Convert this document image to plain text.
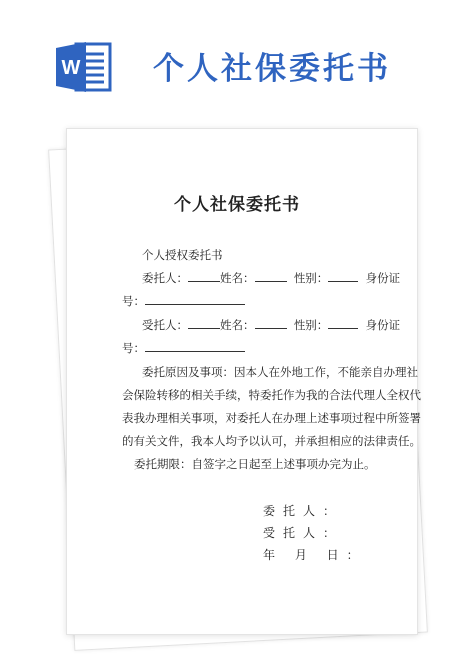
W 个人社保委托书
个人社保委托书
个人授权委托书
委托人：	姓名：	性别：	身份证
号：
受托人：	姓名：	性别：	身份证
号：
委托原因及事项：因本人在外地工作，不能亲自办理社
会保险转移的相关手续，特委托作为我的合法代理人全权代
表我办理相关事项，对委托人在办理上述事项过程中所签署
的有关文件，我本人均予以认可，并承担相应的法律责任。
委托期限：自签字之日起至上述事项办完为止。
委托人：
受托人：
年 月 日：
